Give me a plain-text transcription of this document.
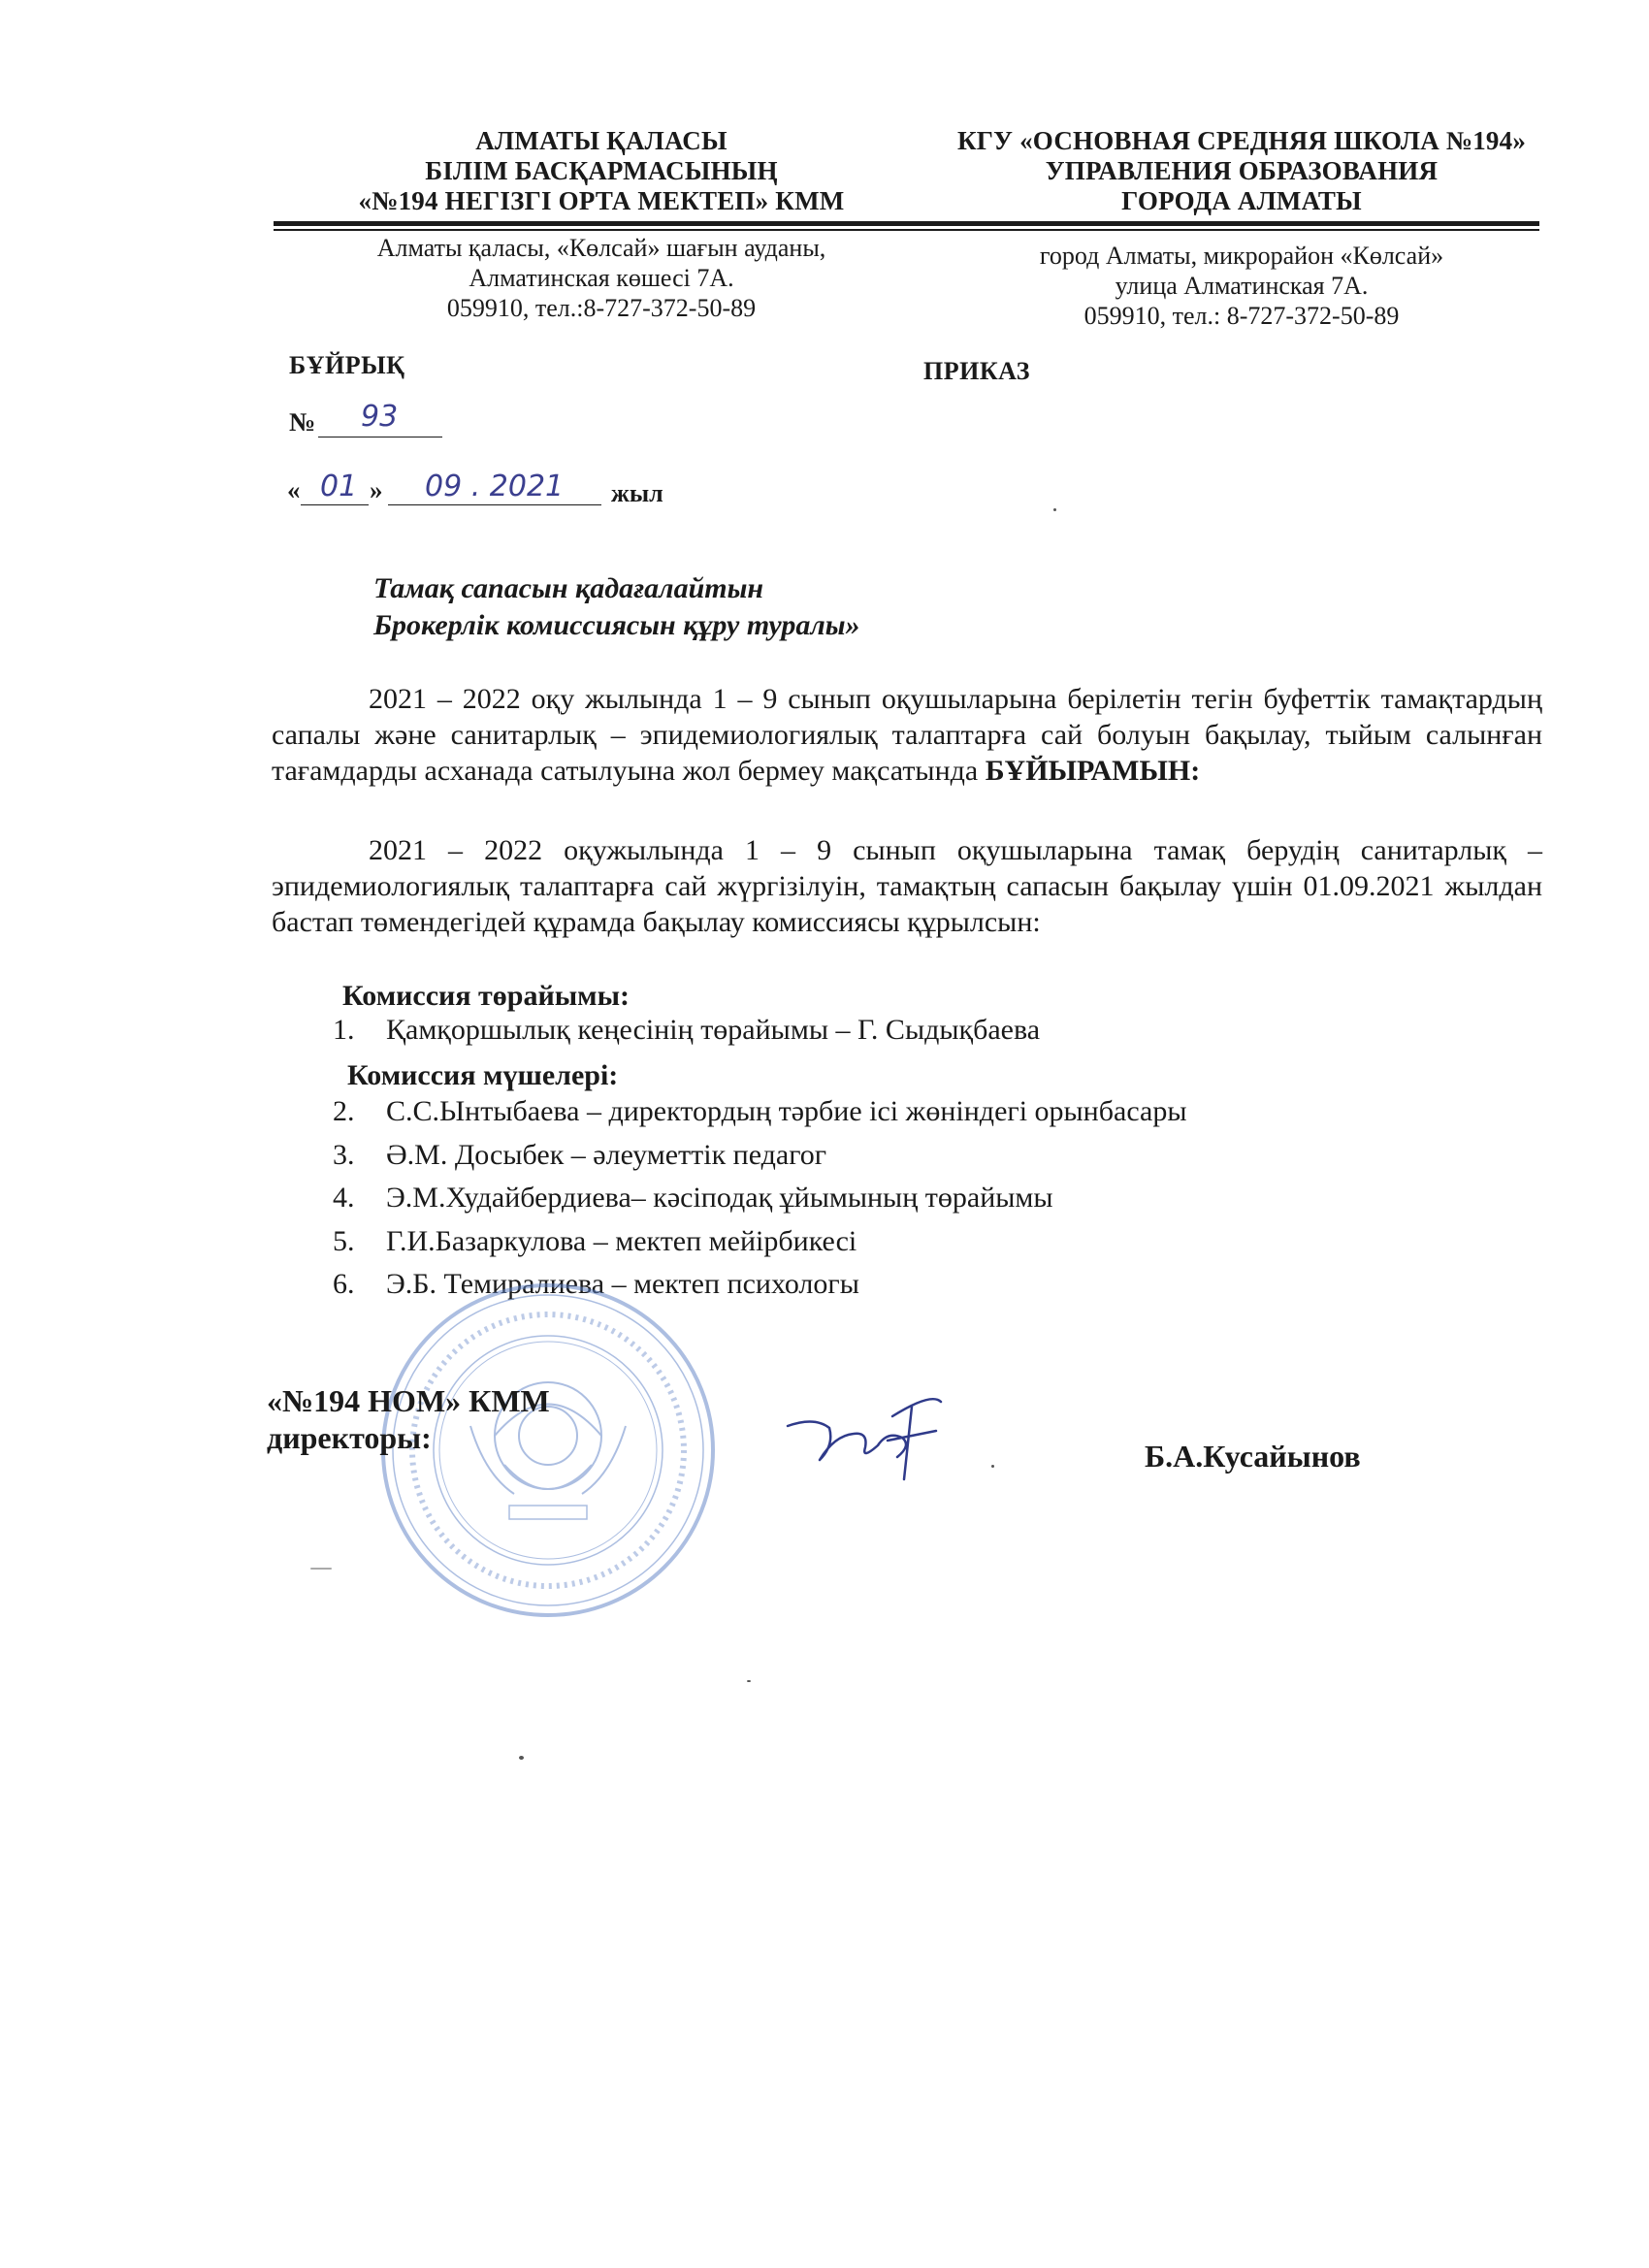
АЛМАТЫ ҚАЛАСЫ
БІЛІМ БАСҚАРМАСЫНЫҢ
«№194 НЕГІЗГІ ОРТА МЕКТЕП» КММ
КГУ «ОСНОВНАЯ СРЕДНЯЯ ШКОЛА №194»
УПРАВЛЕНИЯ ОБРАЗОВАНИЯ
ГОРОДА АЛМАТЫ
Алматы қаласы, «Көлсай» шағын ауданы,
Алматинская көшесі 7А.
059910, тел.:8-727-372-50-89
город Алматы, микрорайон «Көлсай»
улица Алматинская 7А.
059910, тел.: 8-727-372-50-89
БҰЙРЫҚ	ПРИКАЗ
№ 93
« 01 » 09 . 2021 жыл
Тамақ сапасын қадағалайтын
Брокерлік комиссиясын құру туралы»
2021 – 2022 оқу жылында 1 – 9 сынып оқушыларына берілетін тегін буфеттік тамақтардың сапалы және санитарлық – эпидемиологиялық талаптарға сай болуын бақылау, тыйым салынған тағамдарды асханада сатылуына жол бермеу мақсатында БҰЙЫРАМЫН:
2021 – 2022 оқужылында 1 – 9 сынып оқушыларына тамақ берудің санитарлық – эпидемиологиялық талаптарға сай жүргізілуін, тамақтың сапасын бақылау үшін 01.09.2021 жылдан бастап төмендегідей құрамда бақылау комиссиясы құрылсын:
Комиссия төрайымы:
1. Қамқоршылық кеңесінің төрайымы – Г. Сыдықбаева
Комиссия мүшелері:
2. С.С.Ынтыбаева – директордың тәрбие ісі жөніндегі орынбасары
3. Ә.М. Досыбек – әлеуметтік педагог
4. Э.М.Худайбердиева– кәсіподақ ұйымының төрайымы
5. Г.И.Базаркулова – мектеп мейірбикесі
6. Э.Б. Темиралиева – мектеп психологы
«№194 НОМ» КММ
директоры:
Б.А.Кусайынов
